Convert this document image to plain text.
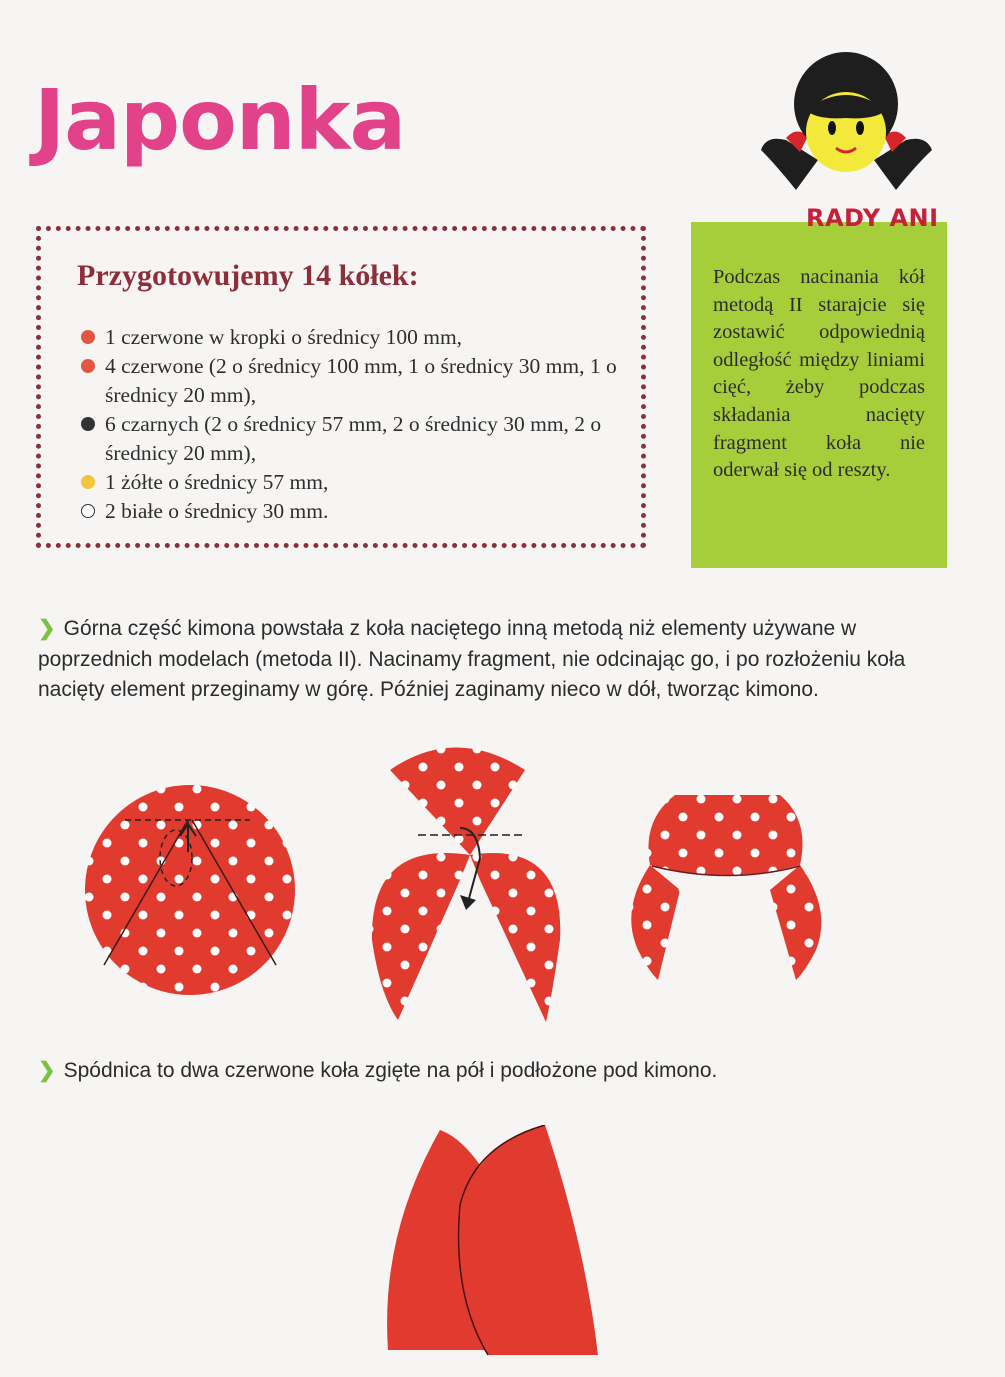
Japonka
Przygotowujemy 14 kółek:
1 czerwone w kropki o średnicy 100 mm,
4 czerwone (2 o średnicy 100 mm, 1 o średnicy 30 mm, 1 o średnicy 20 mm),
6 czarnych (2 o średnicy 57 mm, 2 o średnicy 30 mm, 2 o średnicy 20 mm),
1 żółte o średnicy 57 mm,
2 białe o średnicy 30 mm.

Podczas nacinania kół metodą II starajcie się zostawić odpowiednią odległość między liniami cięć, żeby podczas składania nacięty fragment koła nie oderwał się od reszty.

RADY ANI
❯ Górna część kimona powstała z koła naciętego inną metodą niż elementy używane w poprzednich modelach (metoda II). Nacinamy fragment, nie odcinając go, i po rozłożeniu koła nacięty element przeginamy w górę. Później zaginamy nieco w dół, tworząc kimono.
❯ Spódnica to dwa czerwone koła zgięte na pół i podłożone pod kimono.
